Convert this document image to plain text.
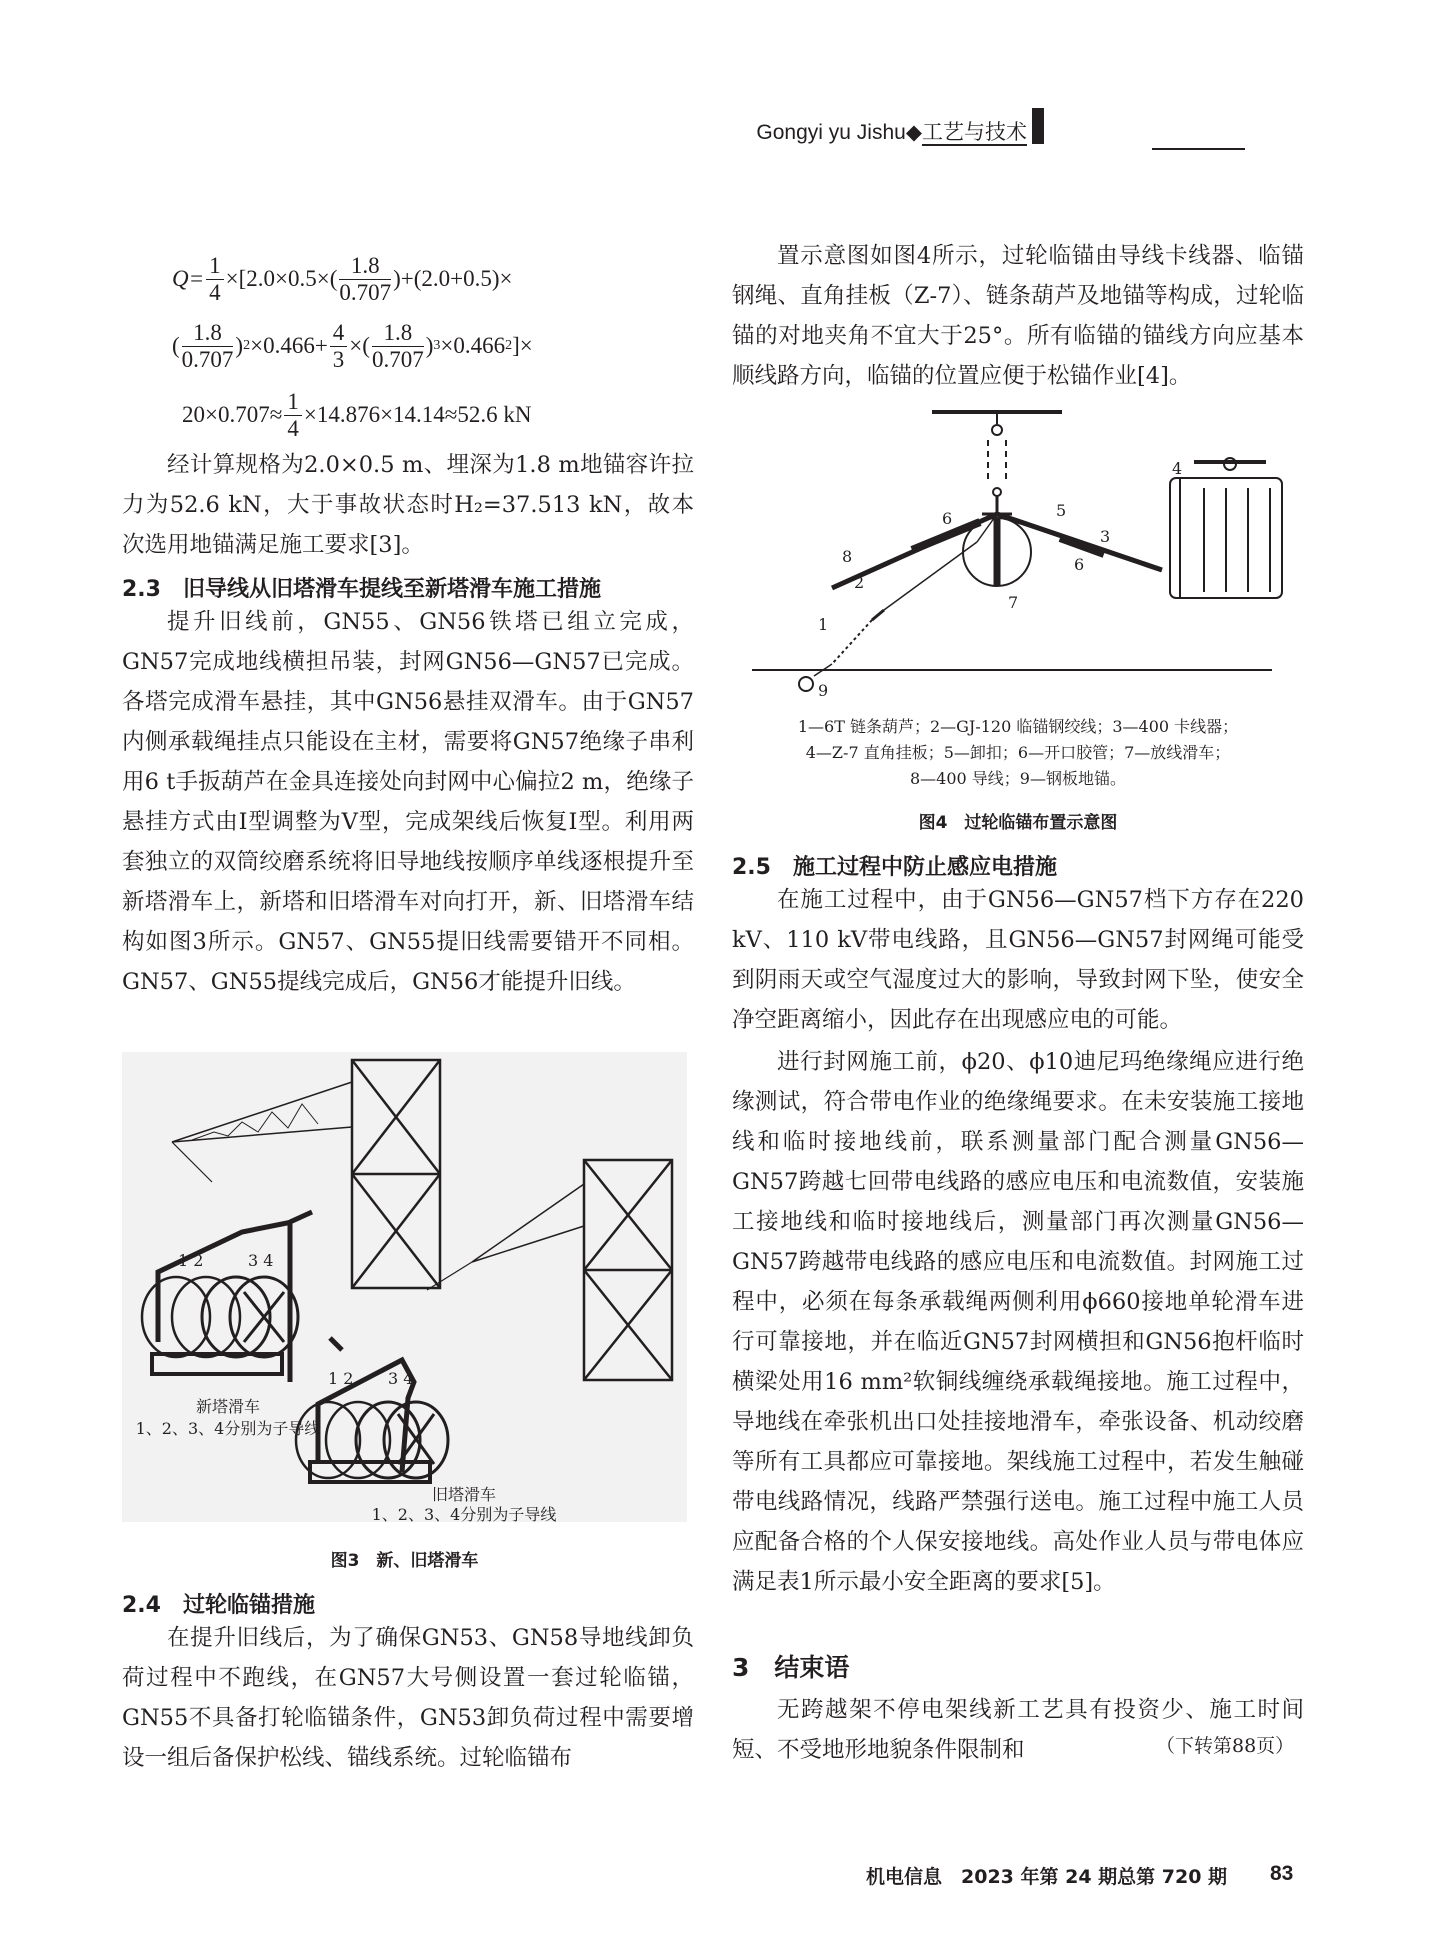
Gongyi yu Jishu◆工艺与技术
$Q= \frac{1}{4} \times [2.0\times 0.5\times( \frac{1.8}{0.707} )+(2.0+0.5)\times$
( $\frac{1.8}{0.707}$ ) $2 \times 0.466+ \frac{4}{3}$ × ( $\frac{1.8}{0.707}$ ) 3 ×0.466 2 ]×
$20\times 0.707\approx \frac{1}{4} \times 14.876\times 14.14\approx 52.6$ kN

经计算规格为2.0×0.5 m、埋深为1.8 m地锚容许拉力为52.6 kN，大于事故状态时H₂=37.513 kN，故本次选用地锚满足施工要求[3]。

2.3　旧导线从旧塔滑车提线至新塔滑车施工措施

提升旧线前，GN55、GN56铁塔已组立完成，GN57完成地线横担吊装，封网GN56—GN57已完成。各塔完成滑车悬挂，其中GN56悬挂双滑车。由于GN57内侧承载绳挂点只能设在主材，需要将GN57绝缘子串利用6 t手扳葫芦在金具连接处向封网中心偏拉2 m，绝缘子悬挂方式由I型调整为V型，完成架线后恢复I型。利用两套独立的双筒绞磨系统将旧导地线按顺序单线逐根提升至新塔滑车上，新塔和旧塔滑车对向打开，新、旧塔滑车结构如图3所示。GN57、GN55提旧线需要错开不同相。GN57、GN55提线完成后，GN56才能提升旧线。

1 2	3 4
1 2 3 4
新塔滑车
1、2、3、4分别为子导线
旧塔滑车
1、2、3、4分别为子导线
图3　新、旧塔滑车
2.4　过轮临锚措施

在提升旧线后，为了确保GN53、GN58导地线卸负荷过程中不跑线，在GN57大号侧设置一套过轮临锚，GN55不具备打轮临锚条件，GN53卸负荷过程中需要增设一组后备保护松线、锚线系统。过轮临锚布

置示意图如图4所示，过轮临锚由导线卡线器、临锚钢绳、直角挂板（Z-7）、链条葫芦及地锚等构成，过轮临锚的对地夹角不宜大于25°。所有临锚的锚线方向应基本顺线路方向，临锚的位置应便于松锚作业[4]。

1
2
3
4
5
6
6
7
8
9
1—6T 链条葫芦；2—GJ-120 临锚钢绞线；3—400 卡线器；
4—Z-7 直角挂板；5—卸扣；6—开口胶管；7—放线滑车；
8—400 导线；9—钢板地锚。
图4　过轮临锚布置示意图
2.5　施工过程中防止感应电措施

在施工过程中，由于GN56—GN57档下方存在220 kV、110 kV带电线路，且GN56—GN57封网绳可能受到阴雨天或空气湿度过大的影响，导致封网下坠，使安全净空距离缩小，因此存在出现感应电的可能。

进行封网施工前，ϕ20、ϕ10迪尼玛绝缘绳应进行绝缘测试，符合带电作业的绝缘绳要求。在未安装施工接地线和临时接地线前，联系测量部门配合测量GN56—GN57跨越七回带电线路的感应电压和电流数值，安装施工接地线和临时接地线后，测量部门再次测量GN56—GN57跨越带电线路的感应电压和电流数值。封网施工过程中，必须在每条承载绳两侧利用ϕ660接地单轮滑车进行可靠接地，并在临近GN57封网横担和GN56抱杆临时横梁处用16 mm²软铜线缠绕承载绳接地。施工过程中，导地线在牵张机出口处挂接地滑车，牵张设备、机动绞磨等所有工具都应可靠接地。架线施工过程中，若发生触碰带电线路情况，线路严禁强行送电。施工过程中施工人员应配备合格的个人保安接地线。高处作业人员与带电体应满足表1所示最小安全距离的要求[5]。

3　结束语

无跨越架不停电架线新工艺具有投资少、施工时间短、不受地形地貌条件限制和	（下转第88页）
机电信息　2023 年第 24 期总第 720 期 83
